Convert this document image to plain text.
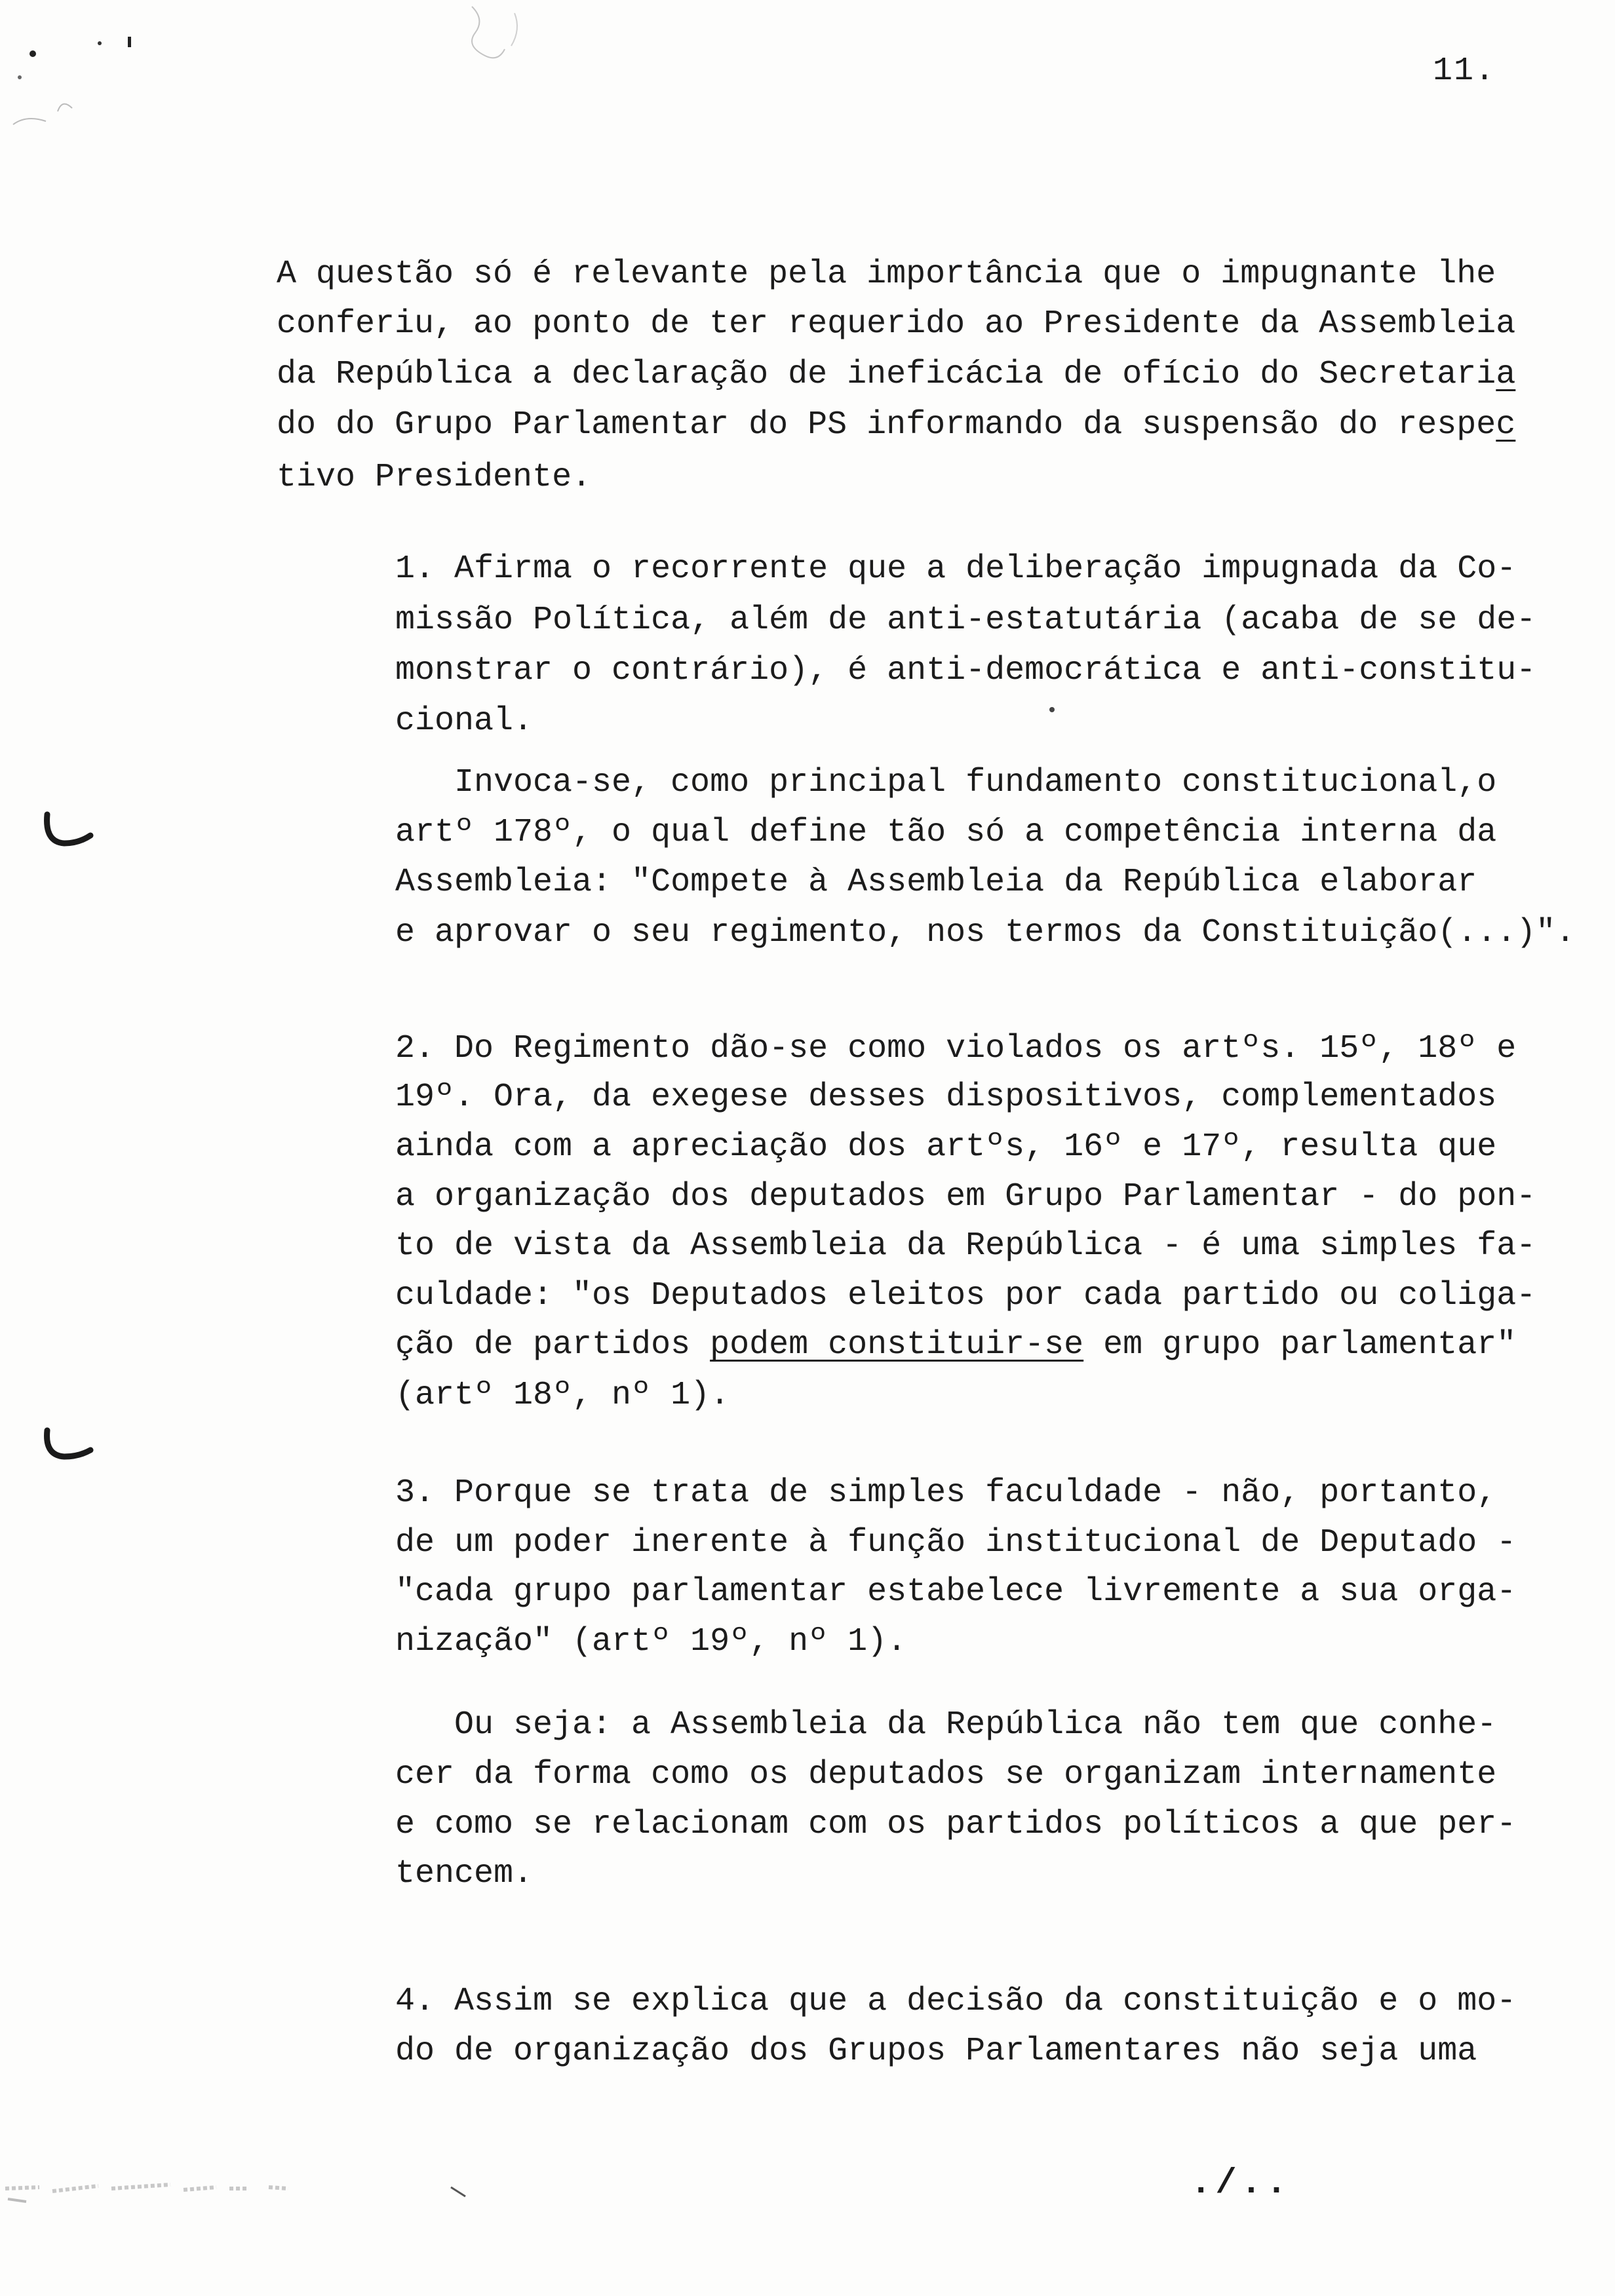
11.
A questão só é relevante pela importância que o impugnante lhe
conferiu, ao ponto de ter requerido ao Presidente da Assembleia
da República a declaração de ineficácia de ofício do Secretaria
do do Grupo Parlamentar do PS informando da suspensão do respec
tivo Presidente.
1. Afirma o recorrente que a deliberação impugnada da Co-
missão Política, além de anti-estatutária (acaba de se de-
monstrar o contrário), é anti-democrática e anti-constitu-
cional.
Invoca-se, como principal fundamento constitucional,o
artº 178º, o qual define tão só a competência interna da
Assembleia: "Compete à Assembleia da República elaborar
e aprovar o seu regimento, nos termos da Constituição(...)".
2. Do Regimento dão-se como violados os artºs. 15º, 18º e
19º. Ora, da exegese desses dispositivos, complementados
ainda com a apreciação dos artºs, 16º e 17º, resulta que
a organização dos deputados em Grupo Parlamentar - do pon-
to de vista da Assembleia da República - é uma simples fa-
culdade: "os Deputados eleitos por cada partido ou coliga-
ção de partidos podem constituir-se em grupo parlamentar"
(artº 18º, nº 1).
3. Porque se trata de simples faculdade - não, portanto,
de um poder inerente à função institucional de Deputado -
"cada grupo parlamentar estabelece livremente a sua orga-
nização" (artº 19º, nº 1).
Ou seja: a Assembleia da República não tem que conhe-
cer da forma como os deputados se organizam internamente
e como se relacionam com os partidos políticos a que per-
tencem.
4. Assim se explica que a decisão da constituição e o mo-
do de organização dos Grupos Parlamentares não seja uma
./..
